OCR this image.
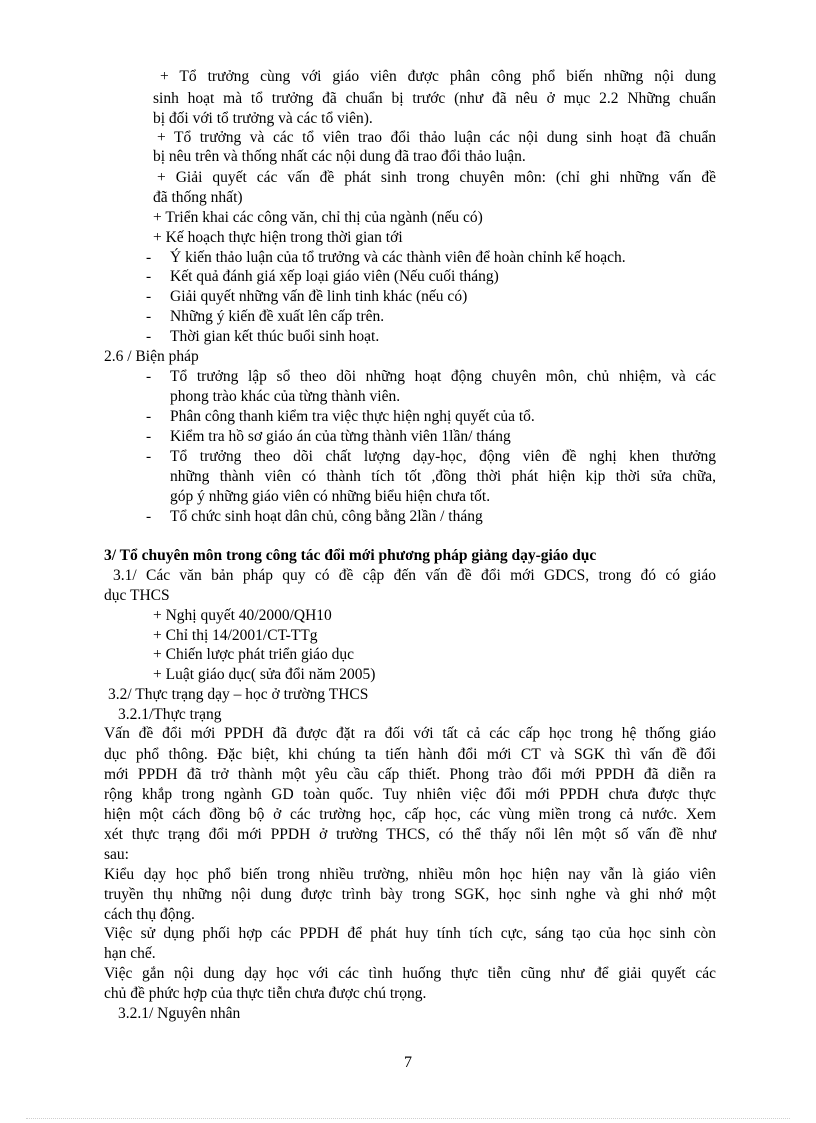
+ Tổ trưởng cùng với giáo viên được phân công phổ biến những nội dung
sinh hoạt mà tổ trưởng đã chuẩn bị trước (như đã nêu ở mục 2.2 Những chuẩn
bị đối với tổ trưởng và các tổ viên).
+ Tổ trưởng và các tổ viên trao đổi thảo luận các nội dung sinh hoạt đã chuẩn
bị nêu trên và thống nhất các nội dung đã trao đổi thảo luận.
+ Giải quyết các vấn đề phát sinh trong chuyên môn: (chỉ ghi những vấn đề
đã thống nhất)
+ Triển khai các công văn, chỉ thị của ngành (nếu có)
+ Kế hoạch thực hiện trong thời gian tới
- Ý kiến thảo luận của tổ trưởng và các thành viên để hoàn chỉnh kế hoạch.
- Kết quả đánh giá xếp loại giáo viên (Nếu cuối tháng)
- Giải quyết những vấn đề linh tinh khác (nếu có)
- Những ý kiến đề xuất lên cấp trên.
- Thời gian kết thúc buổi sinh hoạt.
2.6 / Biện pháp
- Tổ trưởng lập sổ theo dõi những hoạt động chuyên môn, chủ nhiệm, và các
phong trào khác của từng thành viên.
- Phân công thanh kiểm tra việc thực hiện nghị quyết của tổ.
- Kiểm tra hồ sơ giáo án của từng thành viên 1lần/ tháng
- Tổ trưởng theo dõi chất lượng dạy-học, động viên đề nghị khen thưởng
những thành viên có thành tích tốt ,đồng thời phát hiện kịp thời sửa chữa,
góp ý những giáo viên có những biểu hiện chưa tốt.
- Tổ chức sinh hoạt dân chủ, công bằng 2lần / tháng
3/ Tổ chuyên môn trong công tác đổi mới phương pháp giảng dạy-giáo dục
3.1/ Các văn bản pháp quy có đề cập đến vấn đề đổi mới GDCS, trong đó có giáo
dục THCS
+ Nghị quyết 40/2000/QH10
+ Chỉ thị 14/2001/CT-TTg
+ Chiến lược phát triển giáo dục
+ Luật giáo dục( sửa đổi năm 2005)
3.2/ Thực trạng dạy – học ở trường THCS
3.2.1/Thực trạng
Vấn đề đổi mới PPDH đã được đặt ra đối với tất cả các cấp học trong hệ thống giáo
dục phổ thông. Đặc biệt, khi chúng ta tiến hành đổi mới CT và SGK thì vấn đề đổi
mới PPDH đã trở thành một yêu cầu cấp thiết. Phong trào đổi mới PPDH đã diễn ra
rộng khắp trong ngành GD toàn quốc. Tuy nhiên việc đổi mới PPDH chưa được thực
hiện một cách đồng bộ ở các trường học, cấp học, các vùng miền trong cả nước. Xem
xét thực trạng đổi mới PPDH ở trường THCS, có thể thấy nổi lên một số vấn đề như
sau:
Kiểu dạy học phổ biến trong nhiều trường, nhiều môn học hiện nay vẫn là giáo viên
truyền thụ những nội dung được trình bày trong SGK, học sinh nghe và ghi nhớ một
cách thụ động.
Việc sử dụng phối hợp các PPDH để phát huy tính tích cực, sáng tạo của học sinh còn
hạn chế.
Việc gắn nội dung dạy học với các tình huống thực tiễn cũng như để giải quyết các
chủ đề phức hợp của thực tiễn chưa được chú trọng.
3.2.1/ Nguyên nhân
7
